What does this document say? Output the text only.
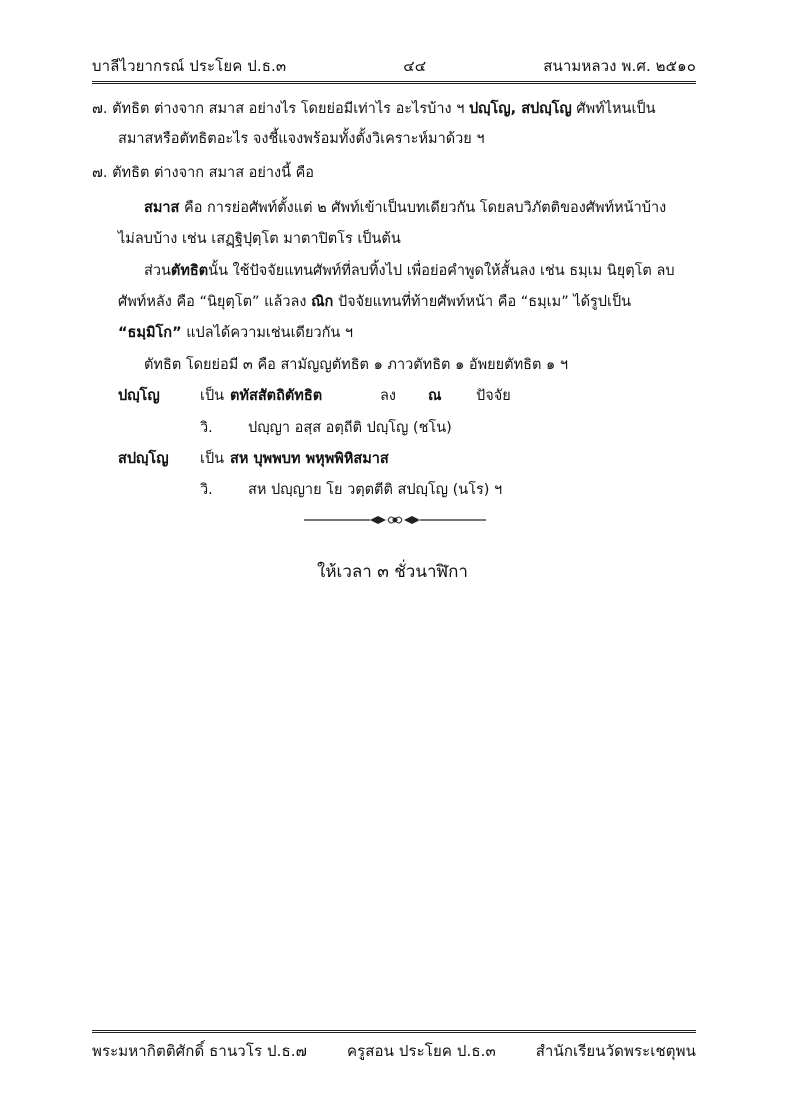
บาลีไวยากรณ์ ประโยค ป.ธ.๓	๔๔	สนามหลวง พ.ศ. ๒๕๑๐
๗. ตัทธิต ต่างจาก สมาส อย่างไร โดยย่อมีเท่าไร อะไรบ้าง ฯ ปญฺโญ, สปญฺโญ ศัพท์ไหนเป็น
สมาสหรือตัทธิตอะไร จงชี้แจงพร้อมทั้งตั้งวิเคราะห์มาด้วย ฯ
๗. ตัทธิต ต่างจาก สมาส อย่างนี้ คือ
สมาส คือ การย่อศัพท์ตั้งแต่ ๒ ศัพท์เข้าเป็นบทเดียวกัน โดยลบวิภัตติของศัพท์หน้าบ้าง
ไม่ลบบ้าง เช่น เสฏฺฐิปุตฺโต มาตาปิตโร เป็นต้น
ส่วนตัทธิตนั้น ใช้ปัจจัยแทนศัพท์ที่ลบทิ้งไป เพื่อย่อคำพูดให้สั้นลง เช่น ธมฺเม นิยุตฺโต ลบ
ศัพท์หลัง คือ “นิยุตฺโต” แล้วลง ณิก ปัจจัยแทนที่ท้ายศัพท์หน้า คือ “ธมฺเม” ได้รูปเป็น
“ธมฺมิโก” แปลได้ความเช่นเดียวกัน ฯ
ตัทธิต โดยย่อมี ๓ คือ สามัญญตัทธิต ๑ ภาวตัทธิต ๑ อัพยยตัทธิต ๑ ฯ
ปญฺโญ	เป็น ตทัสสัตถิตัทธิต	ลง	ณ	ปัจจัย
วิ.	ปญฺญา อสฺส อตฺถีติ ปญฺโญ (ชโน)
สปญฺโญ	เป็น สห บุพพบท พหุพพิหิสมาส
วิ.	สห ปญฺญาย โย วตฺตตีติ สปญฺโญ (นโร) ฯ
ให้เวลา ๓ ชั่วนาฬิกา
พระมหากิตติศักดิ์ ธานวโร ป.ธ.๗	ครูสอน ประโยค ป.ธ.๓	สำนักเรียนวัดพระเชตุพน
